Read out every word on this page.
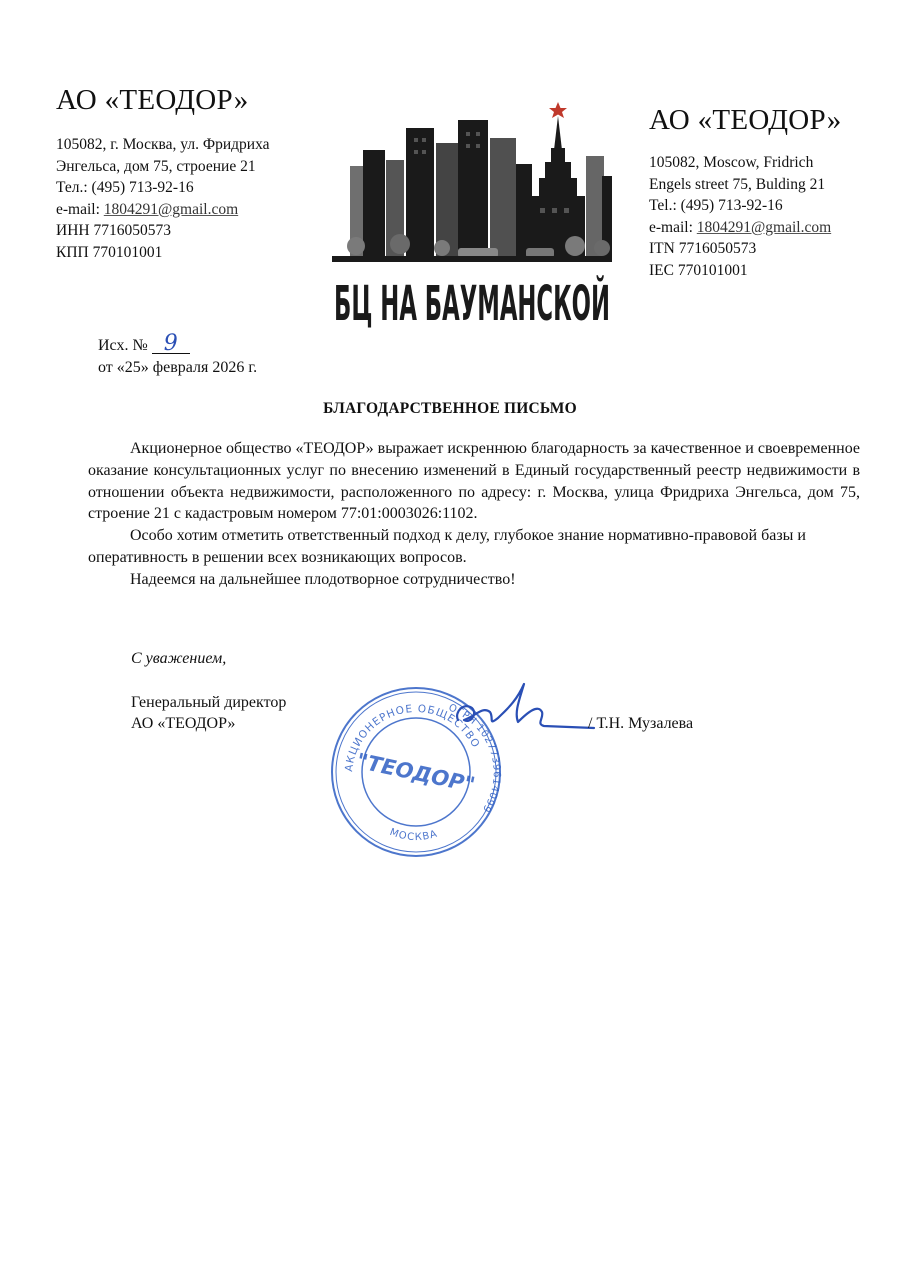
АО «ТЕОДОР»
105082, г. Москва, ул. Фридриха
Энгельса, дом 75, строение 21
Тел.: (495) 713-92-16
e-mail: 1804291@gmail.com
ИНН 7716050573
КПП 770101001
БЦ НА БАУМАНСКОЙ
АО «ТЕОДОР»
105082, Moscow, Fridrich
Engels street 75, Bulding 21
Tel.: (495) 713-92-16
e-mail: 1804291@gmail.com
ITN 7716050573
IEC 770101001
Исх. № 9
от «25» февраля 2026 г.
БЛАГОДАРСТВЕННОЕ ПИСЬМО

Акционерное общество «ТЕОДОР» выражает искреннюю благодарность за качественное и своевременное оказание консультационных услуг по внесению изменений в Единый государственный реестр недвижимости в отношении объекта недвижимости, расположенного по адресу: г. Москва, улица Фридриха Энгельса, дом 75, строение 21 с кадастровым номером 77:01:0003026:1102.

Особо хотим отметить ответственный подход к делу, глубокое знание нормативно-правовой базы и оперативность в решении всех возникающих вопросов.

Надеемся на дальнейшее плодотворное сотрудничество!

С уважением,
Генеральный директор
АО «ТЕОДОР»
АКЦИОНЕРНОЕ ОБЩЕСТВО
ОГРН 1027739614099
МОСКВА
"ТЕОДОР"
/ Т.Н. Музалева
